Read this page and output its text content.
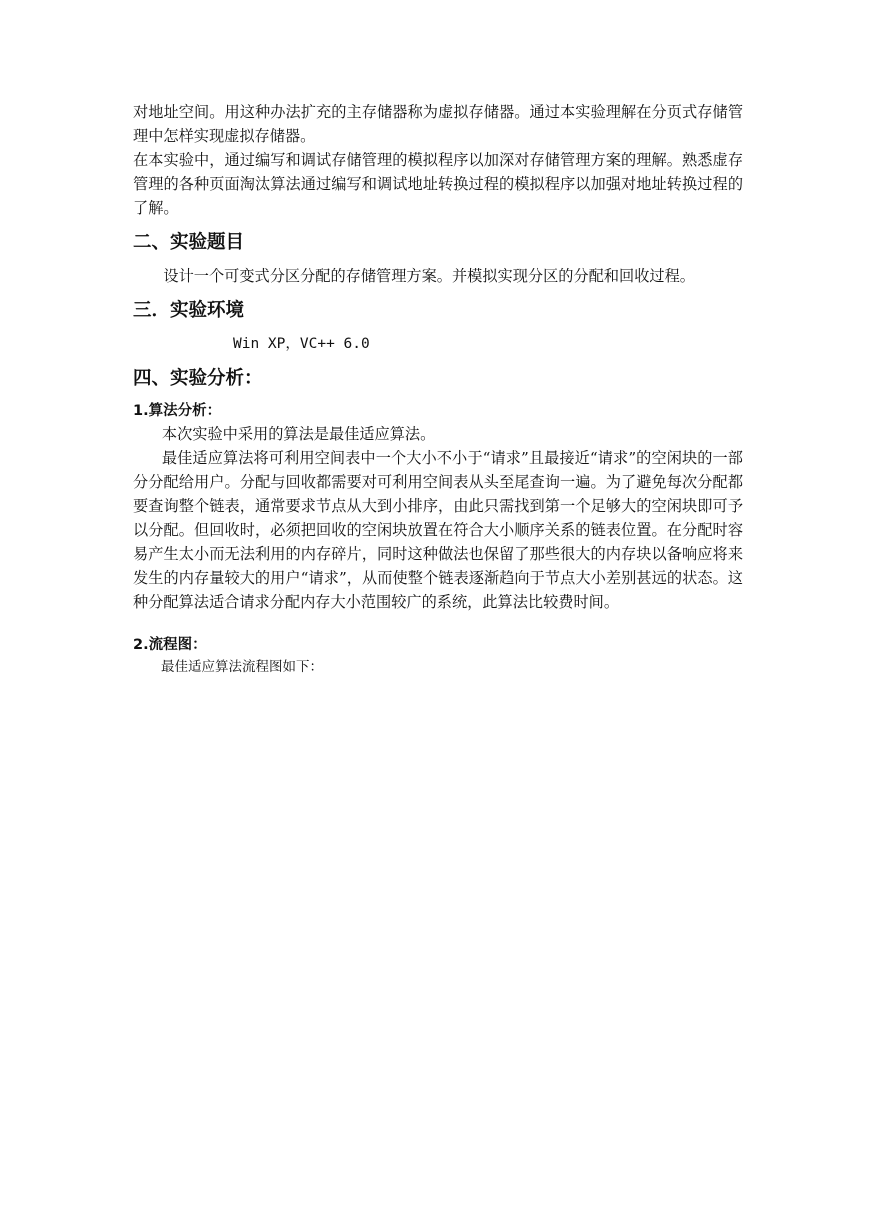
对地址空间。用这种办法扩充的主存储器称为虚拟存储器。通过本实验理解在分页式存储管理中怎样实现虚拟存储器。

在本实验中，通过编写和调试存储管理的模拟程序以加深对存储管理方案的理解。熟悉虚存管理的各种页面淘汰算法通过编写和调试地址转换过程的模拟程序以加强对地址转换过程的了解。

二、实验题目

设计一个可变式分区分配的存储管理方案。并模拟实现分区的分配和回收过程。

三．实验环境
Win XP，VC++ 6.0
四、实验分析：
1.算法分析：

本次实验中采用的算法是最佳适应算法。

最佳适应算法将可利用空间表中一个大小不小于“请求”且最接近“请求”的空闲块的一部分分配给用户。分配与回收都需要对可利用空间表从头至尾查询一遍。为了避免每次分配都要查询整个链表，通常要求节点从大到小排序，由此只需找到第一个足够大的空闲块即可予以分配。但回收时，必须把回收的空闲块放置在符合大小顺序关系的链表位置。在分配时容易产生太小而无法利用的内存碎片，同时这种做法也保留了那些很大的内存块以备响应将来发生的内存量较大的用户“请求”，从而使整个链表逐渐趋向于节点大小差别甚远的状态。这种分配算法适合请求分配内存大小范围较广的系统，此算法比较费时间。

2.流程图：

最佳适应算法流程图如下：
